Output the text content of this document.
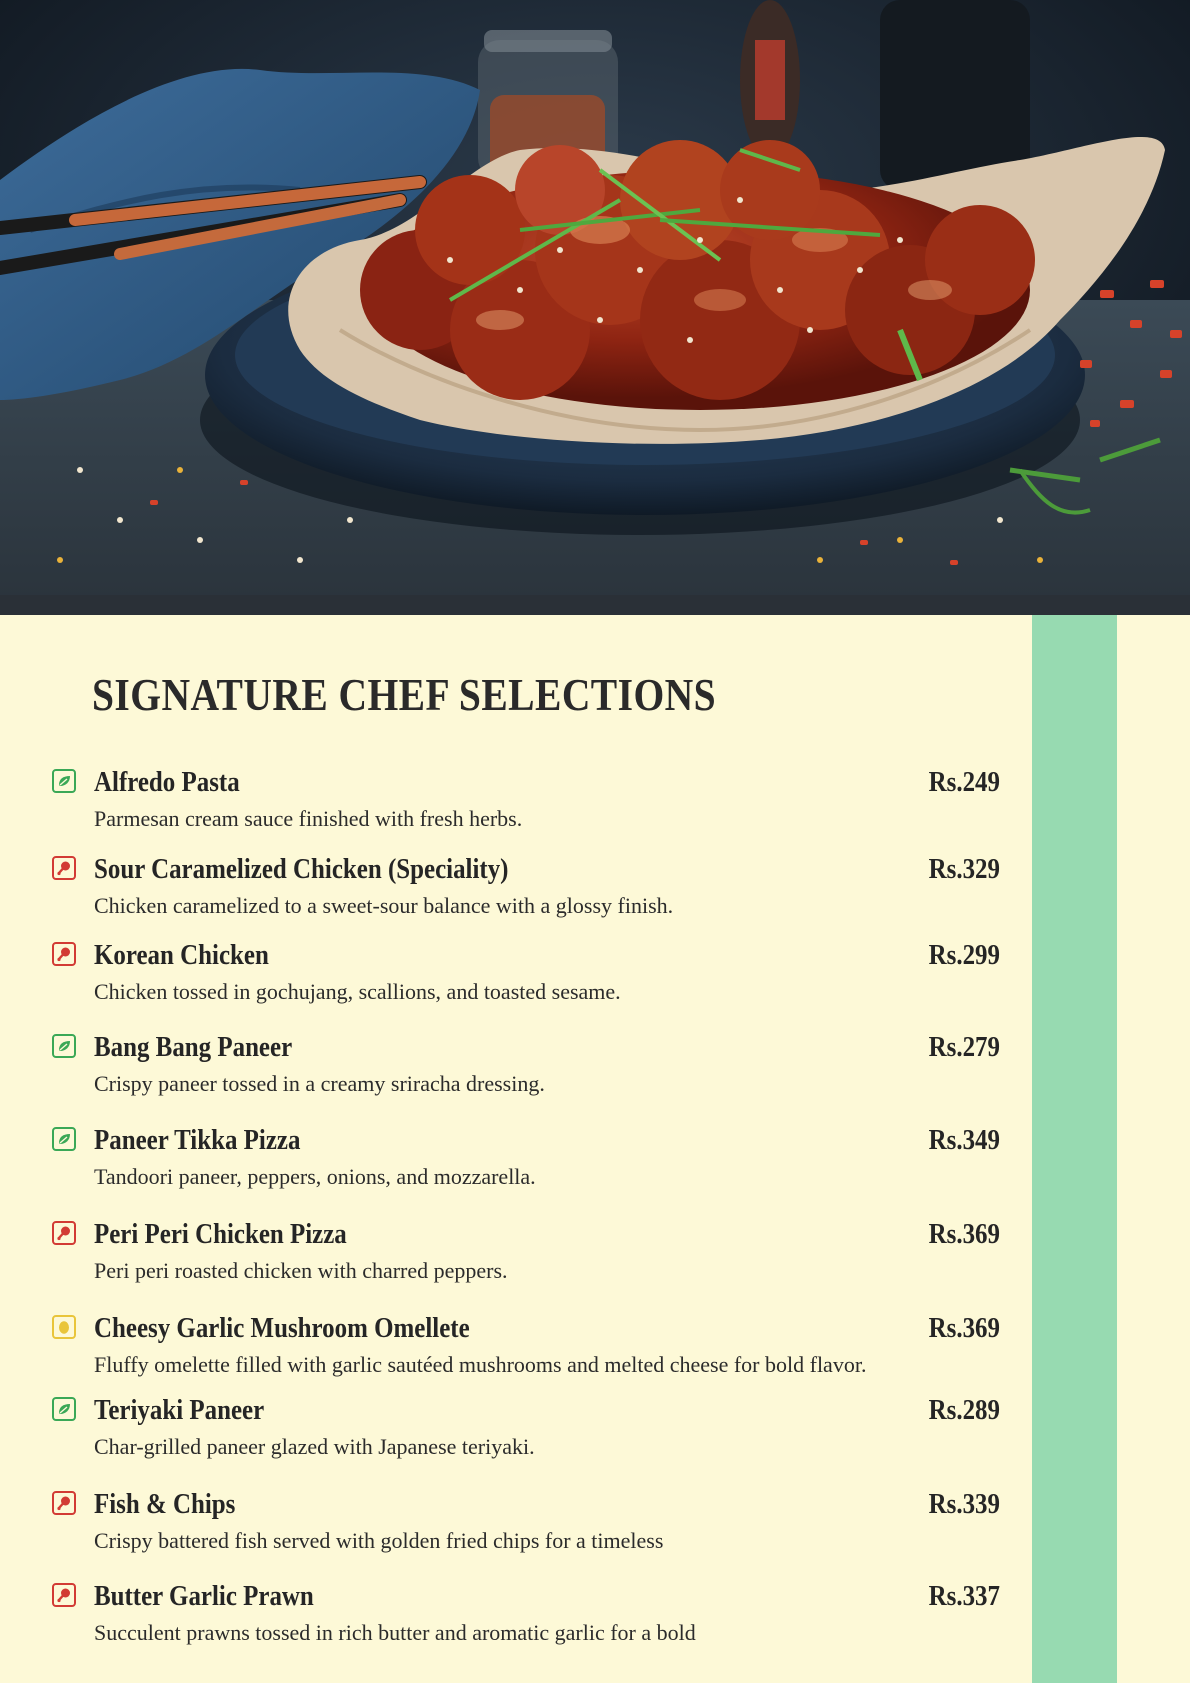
SIGNATURE CHEF SELECTIONS
Alfredo Pasta	Rs.249
Parmesan cream sauce finished with fresh herbs.
Sour Caramelized Chicken (Speciality)	Rs.329
Chicken caramelized to a sweet-sour balance with a glossy finish.
Korean Chicken	Rs.299
Chicken tossed in gochujang, scallions, and toasted sesame.
Bang Bang Paneer	Rs.279
Crispy paneer tossed in a creamy sriracha dressing.
Paneer Tikka Pizza	Rs.349
Tandoori paneer, peppers, onions, and mozzarella.
Peri Peri Chicken Pizza	Rs.369
Peri peri roasted chicken with charred peppers.
Cheesy Garlic Mushroom Omellete	Rs.369
Fluffy omelette filled with garlic sautéed mushrooms and melted cheese for bold flavor.
Teriyaki Paneer	Rs.289
Char-grilled paneer glazed with Japanese teriyaki.
Fish & Chips	Rs.339
Crispy battered fish served with golden fried chips for a timeless
Butter Garlic Prawn	Rs.337
Succulent prawns tossed in rich butter and aromatic garlic for a bold
